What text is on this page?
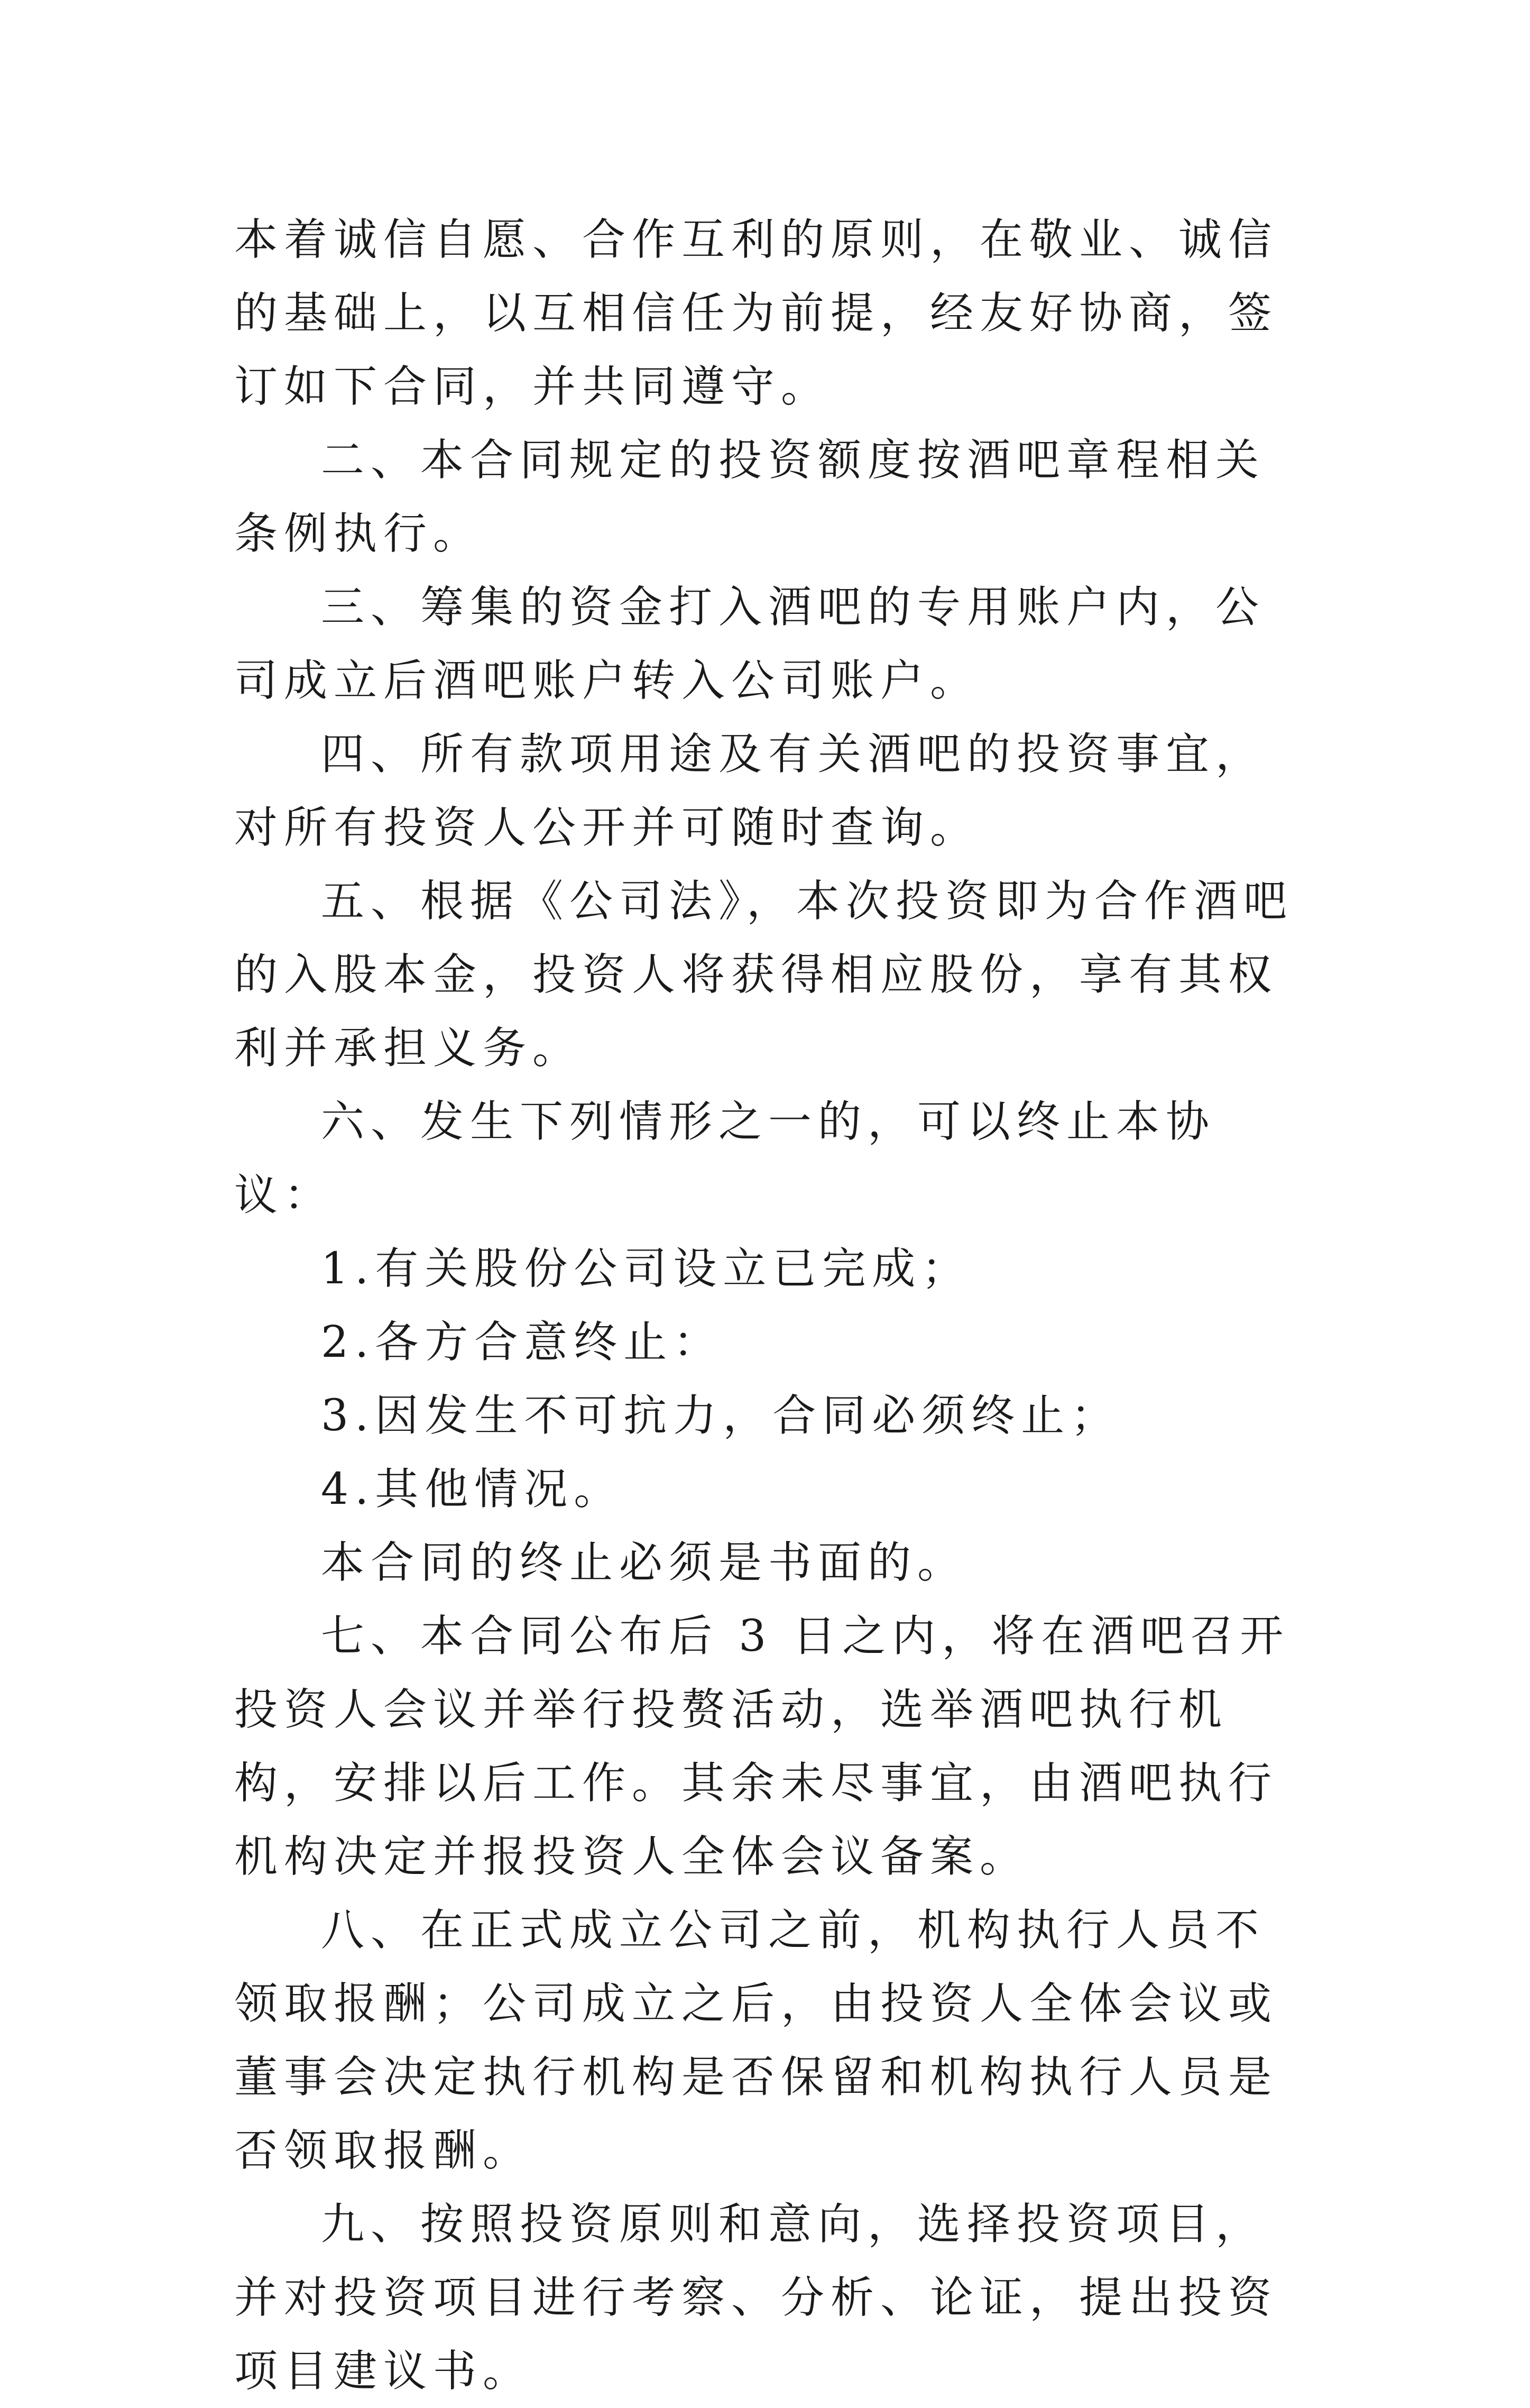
本着诚信自愿、合作互利的原则，在敬业、诚信的基础上，以互相信任为前提，经友好协商，签订如下合同，并共同遵守。

二、本合同规定的投资额度按酒吧章程相关条例执行。

三、筹集的资金打入酒吧的专用账户内，公司成立后酒吧账户转入公司账户。

四、所有款项用途及有关酒吧的投资事宜，对所有投资人公开并可随时查询。

五、根据《公司法》，本次投资即为合作酒吧的入股本金，投资人将获得相应股份，享有其权利并承担义务。

六、发生下列情形之一的，可以终止本协议：

1.有关股份公司设立已完成；

2.各方合意终止：

3.因发生不可抗力，合同必须终止；

4.其他情况。

本合同的终止必须是书面的。

七、本合同公布后 3 日之内，将在酒吧召开投资人会议并举行投赘活动，选举酒吧执行机构，安排以后工作。其余未尽事宜，由酒吧执行机构决定并报投资人全体会议备案。

八、在正式成立公司之前，机构执行人员不领取报酬；公司成立之后，由投资人全体会议或董事会决定执行机构是否保留和机构执行人员是否领取报酬。

九、按照投资原则和意向，选择投资项目，并对投资项目进行考察、分析、论证，提出投资项目建议书。
